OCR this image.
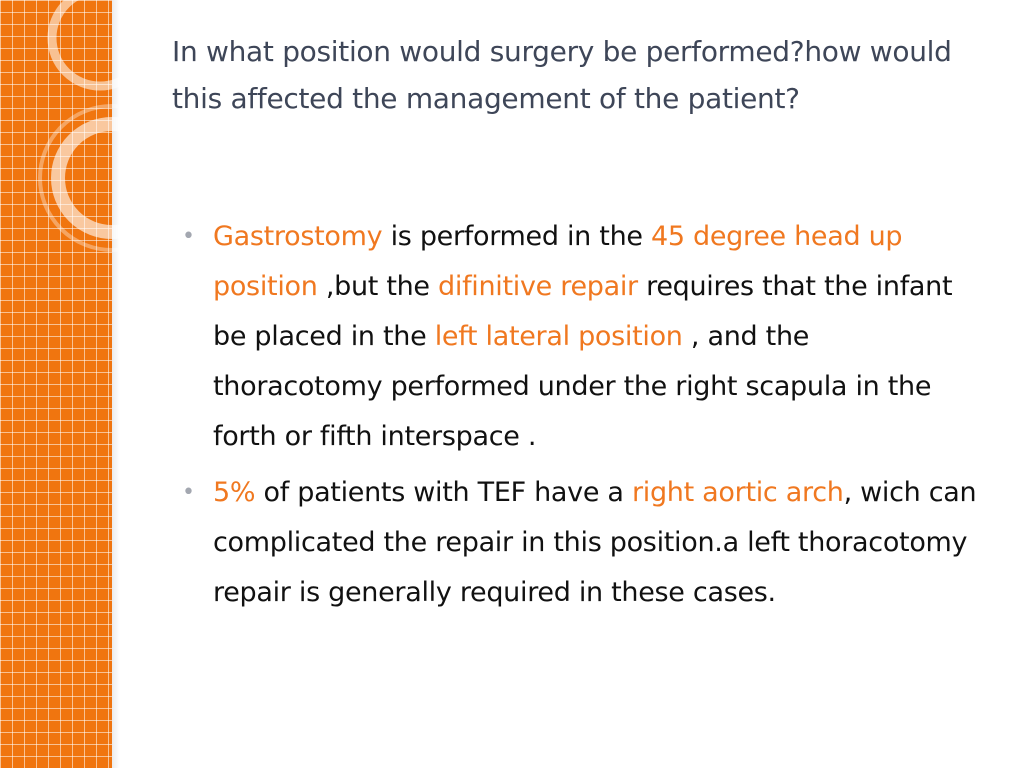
In what position would surgery be performed?how would this affected the management of the patient?
• Gastrostomy is performed in the 45 degree head up position ,but the difinitive repair requires that the infant be placed in the left lateral position , and the thoracotomy performed under the right scapula in the forth or fifth interspace .
• 5% of patients with TEF have a right aortic arch, wich can complicated the repair in this position.a left thoracotomy repair is generally required in these cases.
